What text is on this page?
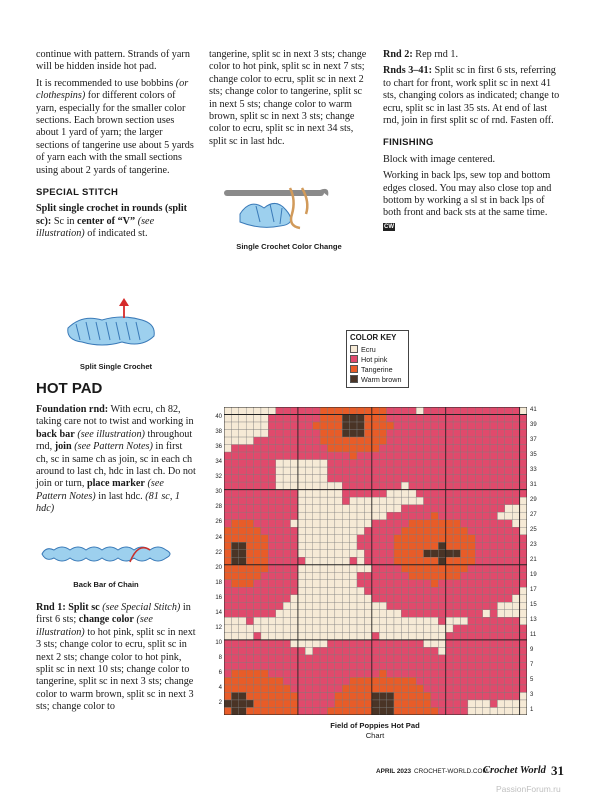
continue with pattern. Strands of yarn will be hidden inside hot pad.

It is recommended to use bobbins (or clothespins) for different colors of yarn, especially for the smaller color sections. Each brown section uses about 1 yard of yarn; the larger sections of tangerine use about 5 yards of yarn each with the small sections using about 2 yards of tangerine.

SPECIAL STITCH

Split single crochet in rounds (split sc): Sc in center of “V” (see illustration) of indicated st.

Split Single Crochet
HOT PAD

Foundation rnd: With ecru, ch 82, taking care not to twist and working in back bar (see illustration) throughout rnd, join (see Pattern Notes) in first ch, sc in same ch as join, sc in each ch around to last ch, hdc in last ch. Do not join or turn, place marker (see Pattern Notes) in last hdc. (81 sc, 1 hdc)

Back Bar of Chain

Rnd 1: Split sc (see Special Stitch) in first 6 sts; change color (see illustration) to hot pink, split sc in next 3 sts; change color to ecru, split sc in next 2 sts; change color to hot pink, split sc in next 10 sts; change color to tangerine, split sc in next 3 sts; change color to warm brown, split sc in next 3 sts; change color to

tangerine, split sc in next 3 sts; change color to hot pink, split sc in next 7 sts; change color to ecru, split sc in next 2 sts; change color to tangerine, split sc in next 5 sts; change color to warm brown, split sc in next 3 sts; change color to ecru, split sc in next 34 sts, split sc in last hdc.

Single Crochet Color Change

Rnd 2: Rep rnd 1.

Rnds 3–41: Split sc in first 6 sts, referring to chart for front, work split sc in next 41 sts, changing colors as indicated; change to ecru, split sc in last 35 sts. At end of last rnd, join in first split sc of rnd. Fasten off.

FINISHING

Block with image centered.

Working in back lps, sew top and bottom edges closed. You may also close top and bottom by working a sl st in back lps of both front and back sts at the same time. CW

COLOR KEY
Ecru
Hot pink
Tangerine
Warm brown
40
38
36
34
32
30
28
26
24
22
20
18
16
14
12
10
8
6
4
2
41
39
37
35
33
31
29
27
25
23
21
19
17
15
13
11
9
7
5
3
1
Field of Poppies Hot Pad
Chart
APRIL 2023 CROCHET-WORLD.COM
Crochet World 31
PassionForum.ru
